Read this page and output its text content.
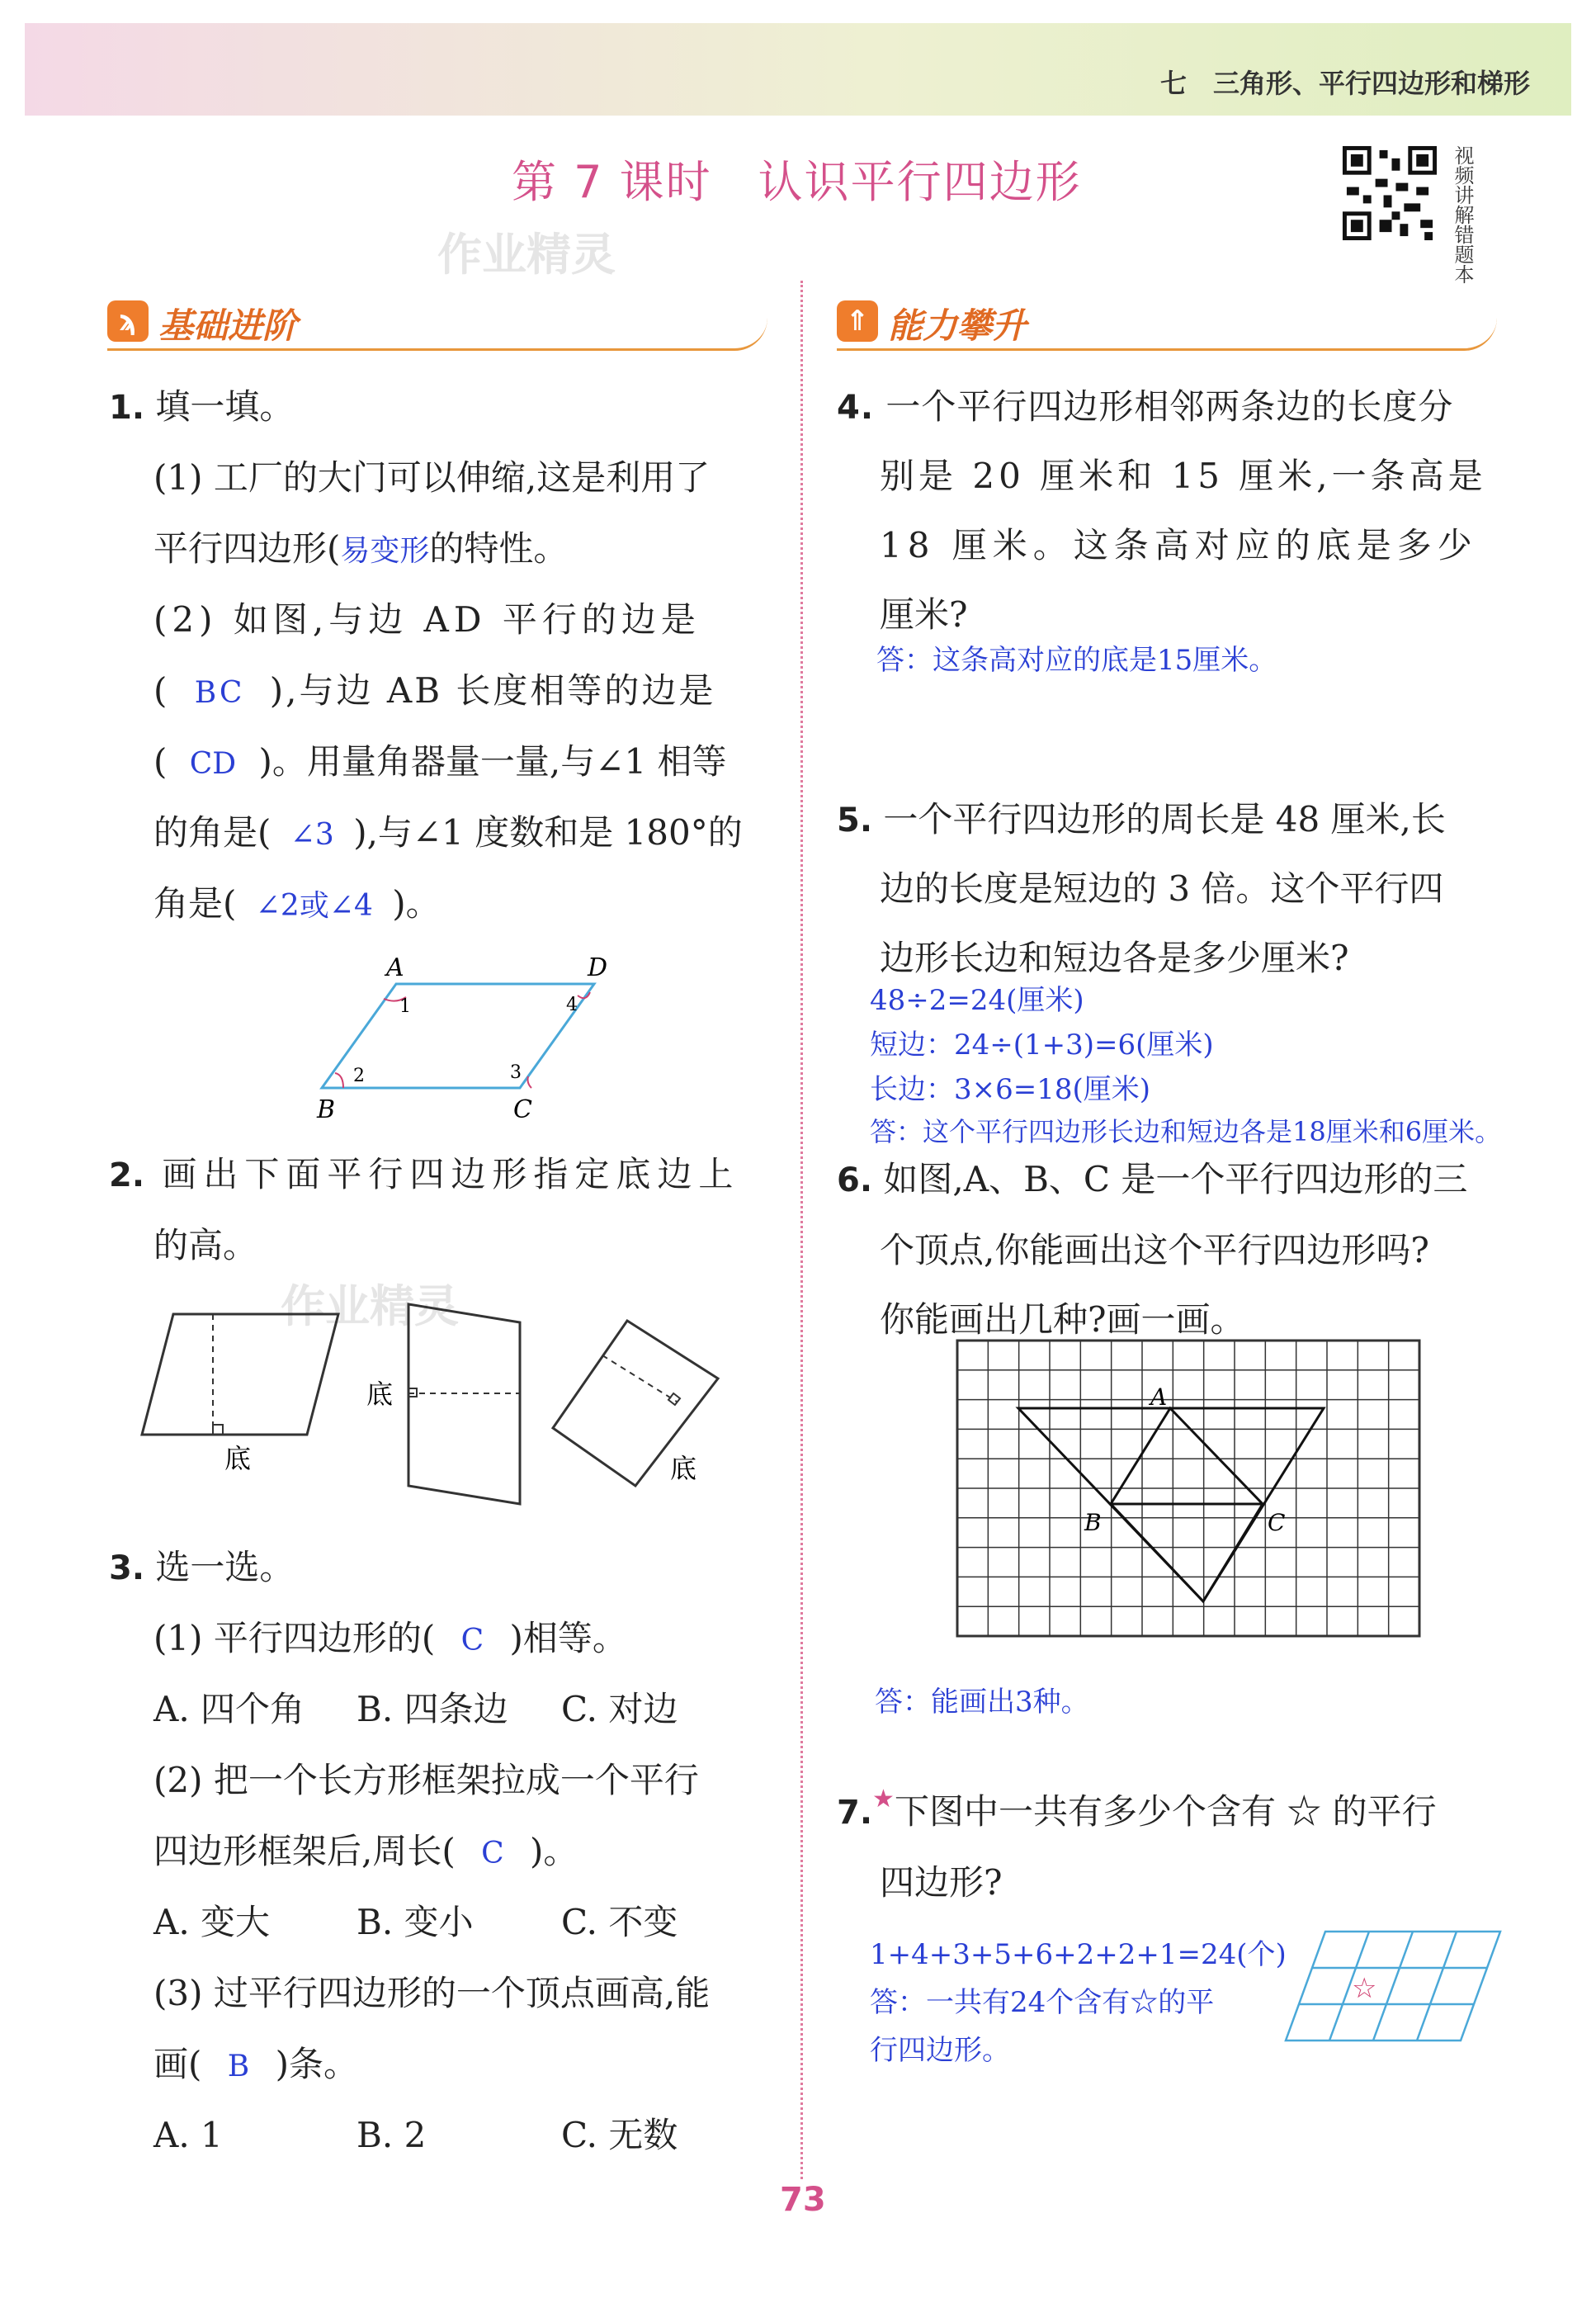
七　三角形、平行四边形和梯形
第 7 课时　认识平行四边形	视频讲解 错题本
作业精灵
ϡ 基础进阶	⇑ 能力攀升
1. 填一填。
(1) 工厂的大门可以伸缩,这是利用了
平行四边形(易变形的特性。
(2) 如图,与边 AD 平行的边是
( BC ),与边 AB 长度相等的边是
( CD )。用量角器量一量,与∠1 相等
的角是( ∠3 ),与∠1 度数和是 180°的
角是( ∠2或∠4 )。
A	D
B	C
1
2	3
4
2. 画出下面平行四边形指定底边上
的高。
作业精灵
底
底
底
3. 选一选。
(1) 平行四边形的( C )相等。
A. 四个角 B. 四条边 C. 对边
(2) 把一个长方形框架拉成一个平行
四边形框架后,周长( C )。
A. 变大 B. 变小	C. 不变
(3) 过平行四边形的一个顶点画高,能
画( B )条。
A. 1	B. 2	C. 无数
4. 一个平行四边形相邻两条边的长度分
别是 20 厘米和 15 厘米,一条高是
18 厘米。这条高对应的底是多少
厘米?
答：这条高对应的底是15厘米。
5. 一个平行四边形的周长是 48 厘米,长
边的长度是短边的 3 倍。这个平行四
边形长边和短边各是多少厘米?
48÷2=24(厘米)
短边：24÷(1+3)=6(厘米)
长边：3×6=18(厘米)
答：这个平行四边形长边和短边各是18厘米和6厘米。
6. 如图,A、B、C 是一个平行四边形的三
个顶点,你能画出这个平行四边形吗?
你能画出几种?画一画。
A
B	C
答：能画出3种。
7.★下图中一共有多少个含有 ☆ 的平行
四边形?
1+4+3+5+6+2+2+1=24(个)
答：一共有24个含有☆的平
行四边形。
☆
73
